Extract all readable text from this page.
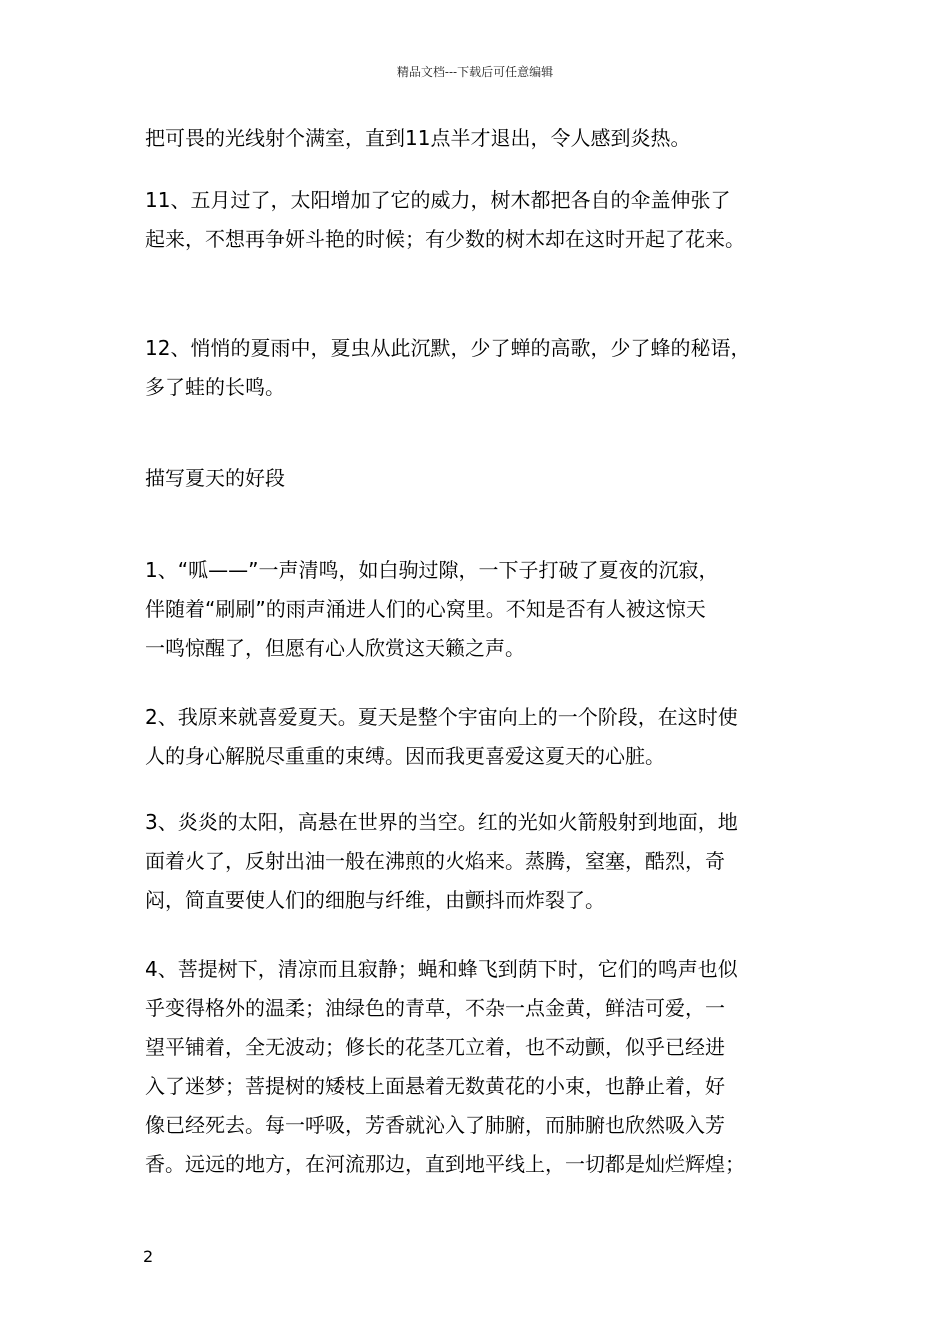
精品文档---下载后可任意编辑
把可畏的光线射个满室，直到11点半才退出，令人感到炎热。
11、五月过了，太阳增加了它的威力，树木都把各自的伞盖伸张了
起来，不想再争妍斗艳的时候；有少数的树木却在这时开起了花来。
12、悄悄的夏雨中，夏虫从此沉默，少了蝉的高歌，少了蜂的秘语，
多了蛙的长鸣。
描写夏天的好段
1、“呱——”一声清鸣，如白驹过隙，一下子打破了夏夜的沉寂，
伴随着“刷刷”的雨声涌进人们的心窝里。不知是否有人被这惊天
一鸣惊醒了，但愿有心人欣赏这天籁之声。
2、我原来就喜爱夏天。夏天是整个宇宙向上的一个阶段，在这时使
人的身心解脱尽重重的束缚。因而我更喜爱这夏天的心脏。
3、炎炎的太阳，高悬在世界的当空。红的光如火箭般射到地面，地
面着火了，反射出油一般在沸煎的火焰来。蒸腾，窒塞，酷烈，奇
闷，简直要使人们的细胞与纤维，由颤抖而炸裂了。
4、菩提树下，清凉而且寂静；蝇和蜂飞到荫下时，它们的鸣声也似
乎变得格外的温柔；油绿色的青草，不杂一点金黄，鲜洁可爱，一
望平铺着，全无波动；修长的花茎兀立着，也不动颤，似乎已经进
入了迷梦；菩提树的矮枝上面悬着无数黄花的小束，也静止着，好
像已经死去。每一呼吸，芳香就沁入了肺腑，而肺腑也欣然吸入芳
香。远远的地方，在河流那边，直到地平线上，一切都是灿烂辉煌；
2
